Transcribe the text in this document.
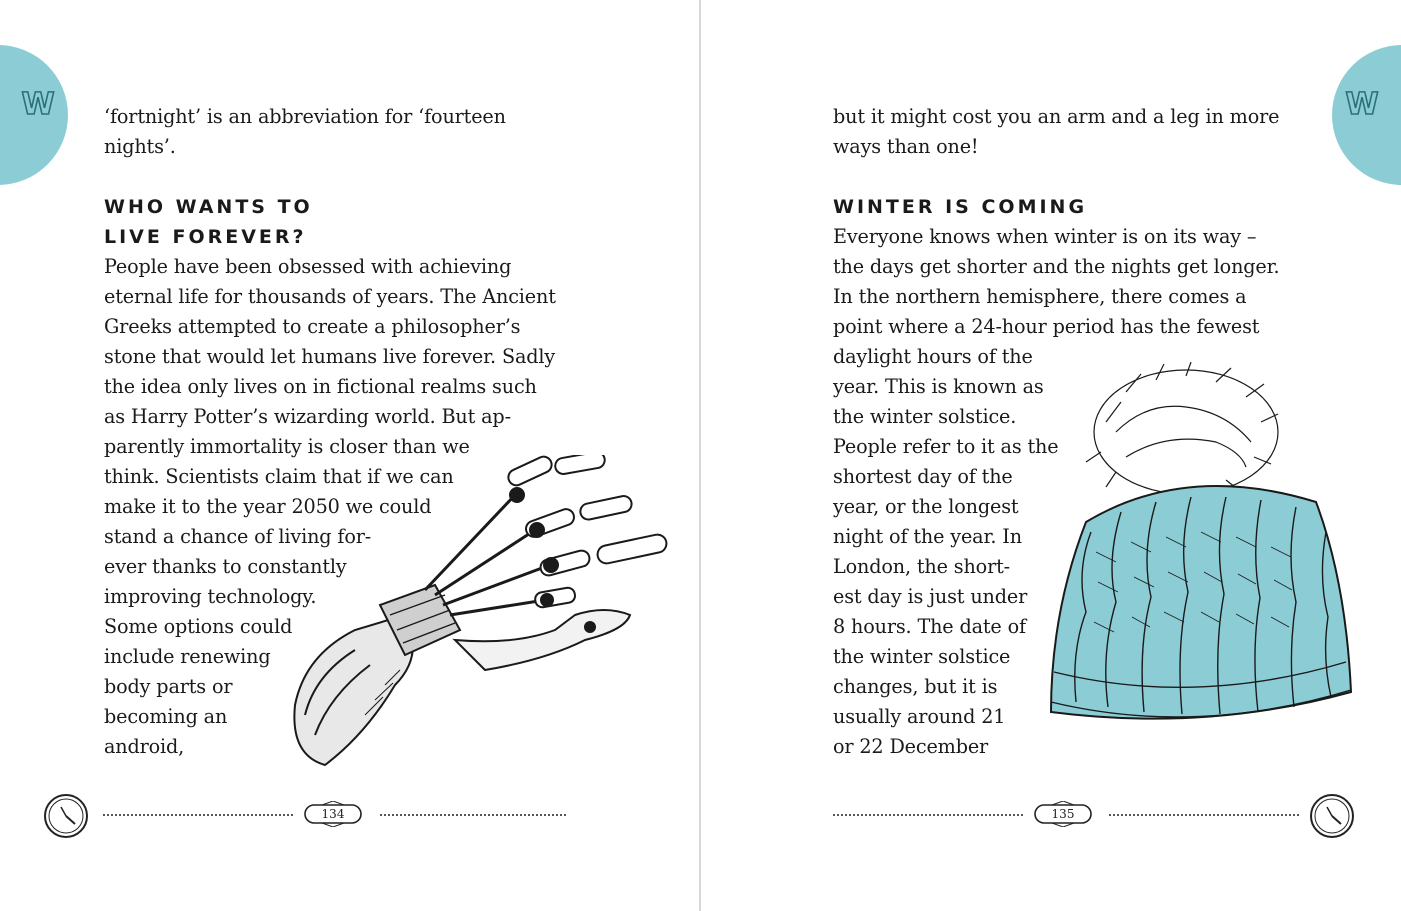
W	‘fortnight’ is an abbreviation for ‘fourteen
nights’.

WHO WANTS TO
LIVE FOREVER?

People have been obsessed with achieving
eternal life for thousands of years. The Ancient
Greeks attempted to create a philosopher’s
stone that would let humans live forever. Sadly
the idea only lives on in fictional realms such
as Harry Potter’s wizarding world. But ap-
parently immortality is closer than we
think. Scientists claim that if we can
make it to the year 2050 we could
stand a chance of living for-
ever thanks to constantly
improving technology.
Some options could
include renewing
body parts or
becoming an
android,

134
W

but it might cost you an arm and a leg in more
ways than one!

WINTER IS COMING

Everyone knows when winter is on its way –
the days get shorter and the nights get longer.
In the northern hemisphere, there comes a
point where a 24-hour period has the fewest
daylight hours of the
year. This is known as
the winter solstice.
People refer to it as the
shortest day of the
year, or the longest
night of the year. In
London, the short-
est day is just under
8 hours. The date of
the winter solstice
changes, but it is
usually around 21
or 22 December

135
